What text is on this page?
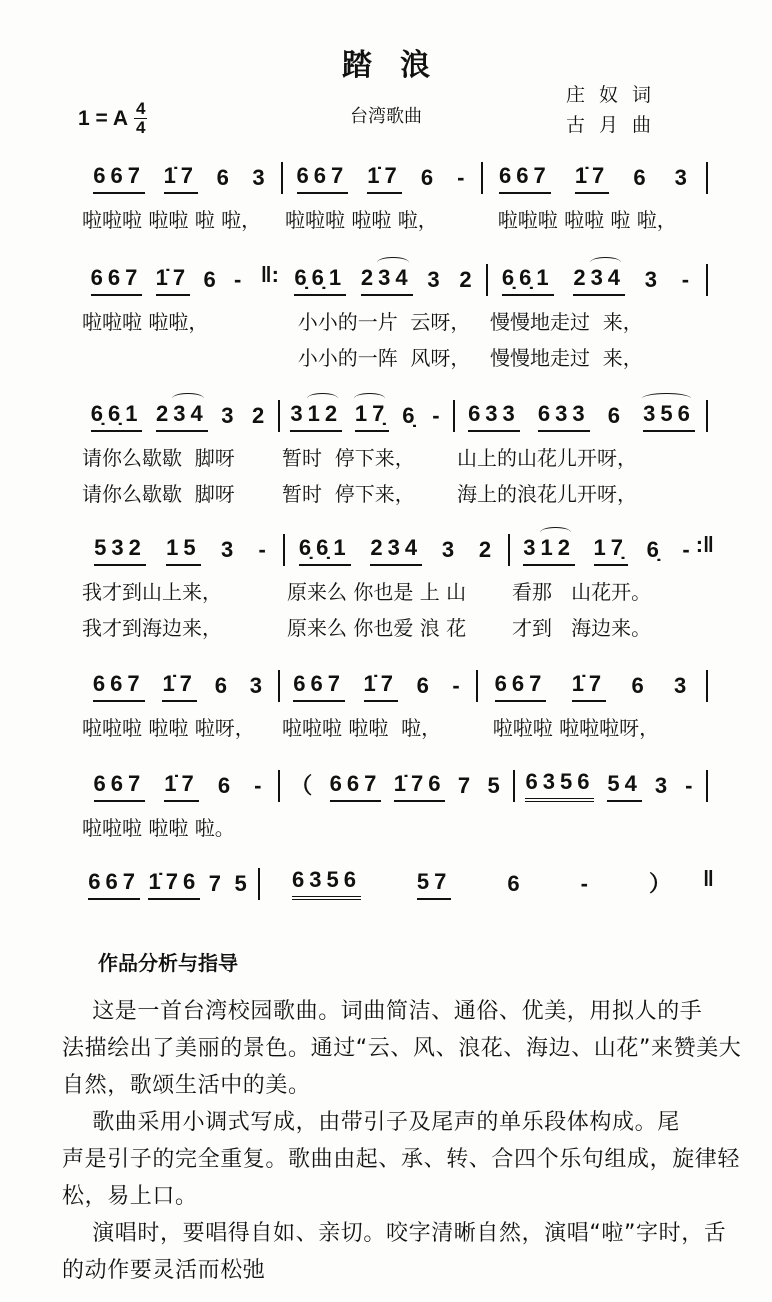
踏浪
1 = A $\frac{4}{4}$	台湾歌曲
庄奴词
古月曲
667 1̇7 6 3 667 1̇7 6 - 667 1̇7 6 3
啦啦啦 啦啦 啦 啦，	啦啦啦 啦啦 啦，	啦啦啦 啦啦 啦 啦，
667 1̇7 6 - ‖: 6̣6̣1 234 3 2 6̣6̣1 234 3 -
啦啦啦 啦啦，	小小的一片  云呀， 慢慢地走过  来，
小小的一阵  风呀， 慢慢地走过  来，
6̣6̣1 234 3 2 312 17̣ 6̣ - 633 633 6 356
请你么歇歇  脚呀	暂时  停下来，	山上的山花儿开呀，
请你么歇歇  脚呀	暂时  停下来，	海上的浪花儿开呀，
532 15 3 - 6̣6̣1 234 3 2 312 17̣ 6̣ - :‖
我才到山上来，	原来么 你也是 上 山	看那   山花开。
我才到海边来，	原来么 你也爱 浪 花	才到   海边来。
667 1̇7 6 3 667 1̇7 6 - 667 1̇7 6 3
啦啦啦 啦啦 啦呀，	啦啦啦 啦啦  啦，	啦啦啦 啦啦啦呀，
667 1̇7 6 - （ 667 1̇76 7 5 6356 54 3 -
啦啦啦 啦啦 啦。
667 1̇76 7 5 6356	57	6	-	） ‖
作品分析与指导
　 这是一首台湾校园歌曲。词曲简洁、通俗、优美，用拟人的手
法描绘出了美丽的景色。通过“云、风、浪花、海边、山花”来赞美大
自然，歌颂生活中的美。
　 歌曲采用小调式写成，由带引子及尾声的单乐段体构成。尾
声是引子的完全重复。歌曲由起、承、转、合四个乐句组成，旋律轻
松，易上口。
　 演唱时，要唱得自如、亲切。咬字清晰自然，演唱“啦”字时，舌
的动作要灵活而松弛
